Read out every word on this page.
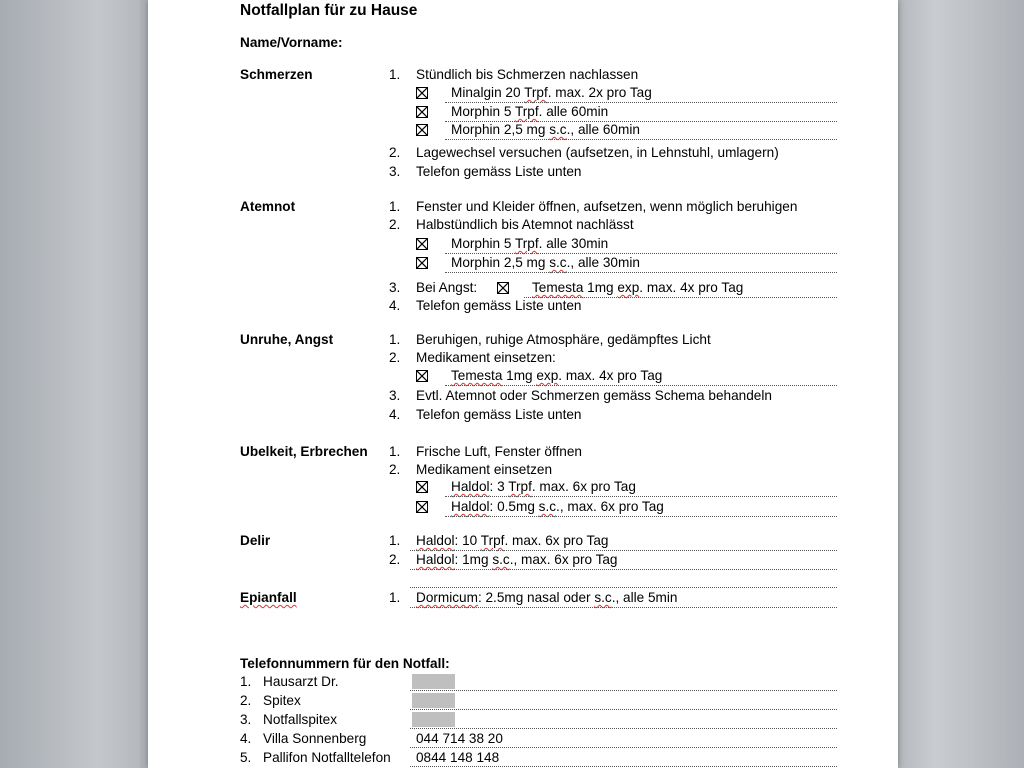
Notfallplan für zu Hause
Name/Vorname:
Schmerzen	1. Stündlich bis Schmerzen nachlassen
Minalgin 20 Trpf. max. 2x pro Tag
Morphin 5 Trpf. alle 60min
Morphin 2,5 mg s.c., alle 60min
2. Lagewechsel versuchen (aufsetzen, in Lehnstuhl, umlagern)
3. Telefon gemäss Liste unten
Atemnot	1. Fenster und Kleider öffnen, aufsetzen, wenn möglich beruhigen
2. Halbstündlich bis Atemnot nachlässt
Morphin 5 Trpf. alle 30min
Morphin 2,5 mg s.c., alle 30min
3. Bei Angst:	Temesta 1mg exp. max. 4x pro Tag
4. Telefon gemäss Liste unten
Unruhe, Angst	1. Beruhigen, ruhige Atmosphäre, gedämpftes Licht
2. Medikament einsetzen:
Temesta 1mg exp. max. 4x pro Tag
3. Evtl. Atemnot oder Schmerzen gemäss Schema behandeln
4. Telefon gemäss Liste unten
Ubelkeit, Erbrechen 1. Frische Luft, Fenster öffnen
2. Medikament einsetzen
Haldol: 3 Trpf. max. 6x pro Tag
Haldol: 0.5mg s.c., max. 6x pro Tag
Delir	1. Haldol: 10 Trpf. max. 6x pro Tag
2. Haldol: 1mg s.c., max. 6x pro Tag
Epianfall	1. Dormicum: 2.5mg nasal oder s.c., alle 5min
Telefonnummern für den Notfall:
1. Hausarzt Dr.
2. Spitex
3. Notfallspitex
4. Villa Sonnenberg	044 714 38 20
5. Pallifon Notfalltelefon 0844 148 148
